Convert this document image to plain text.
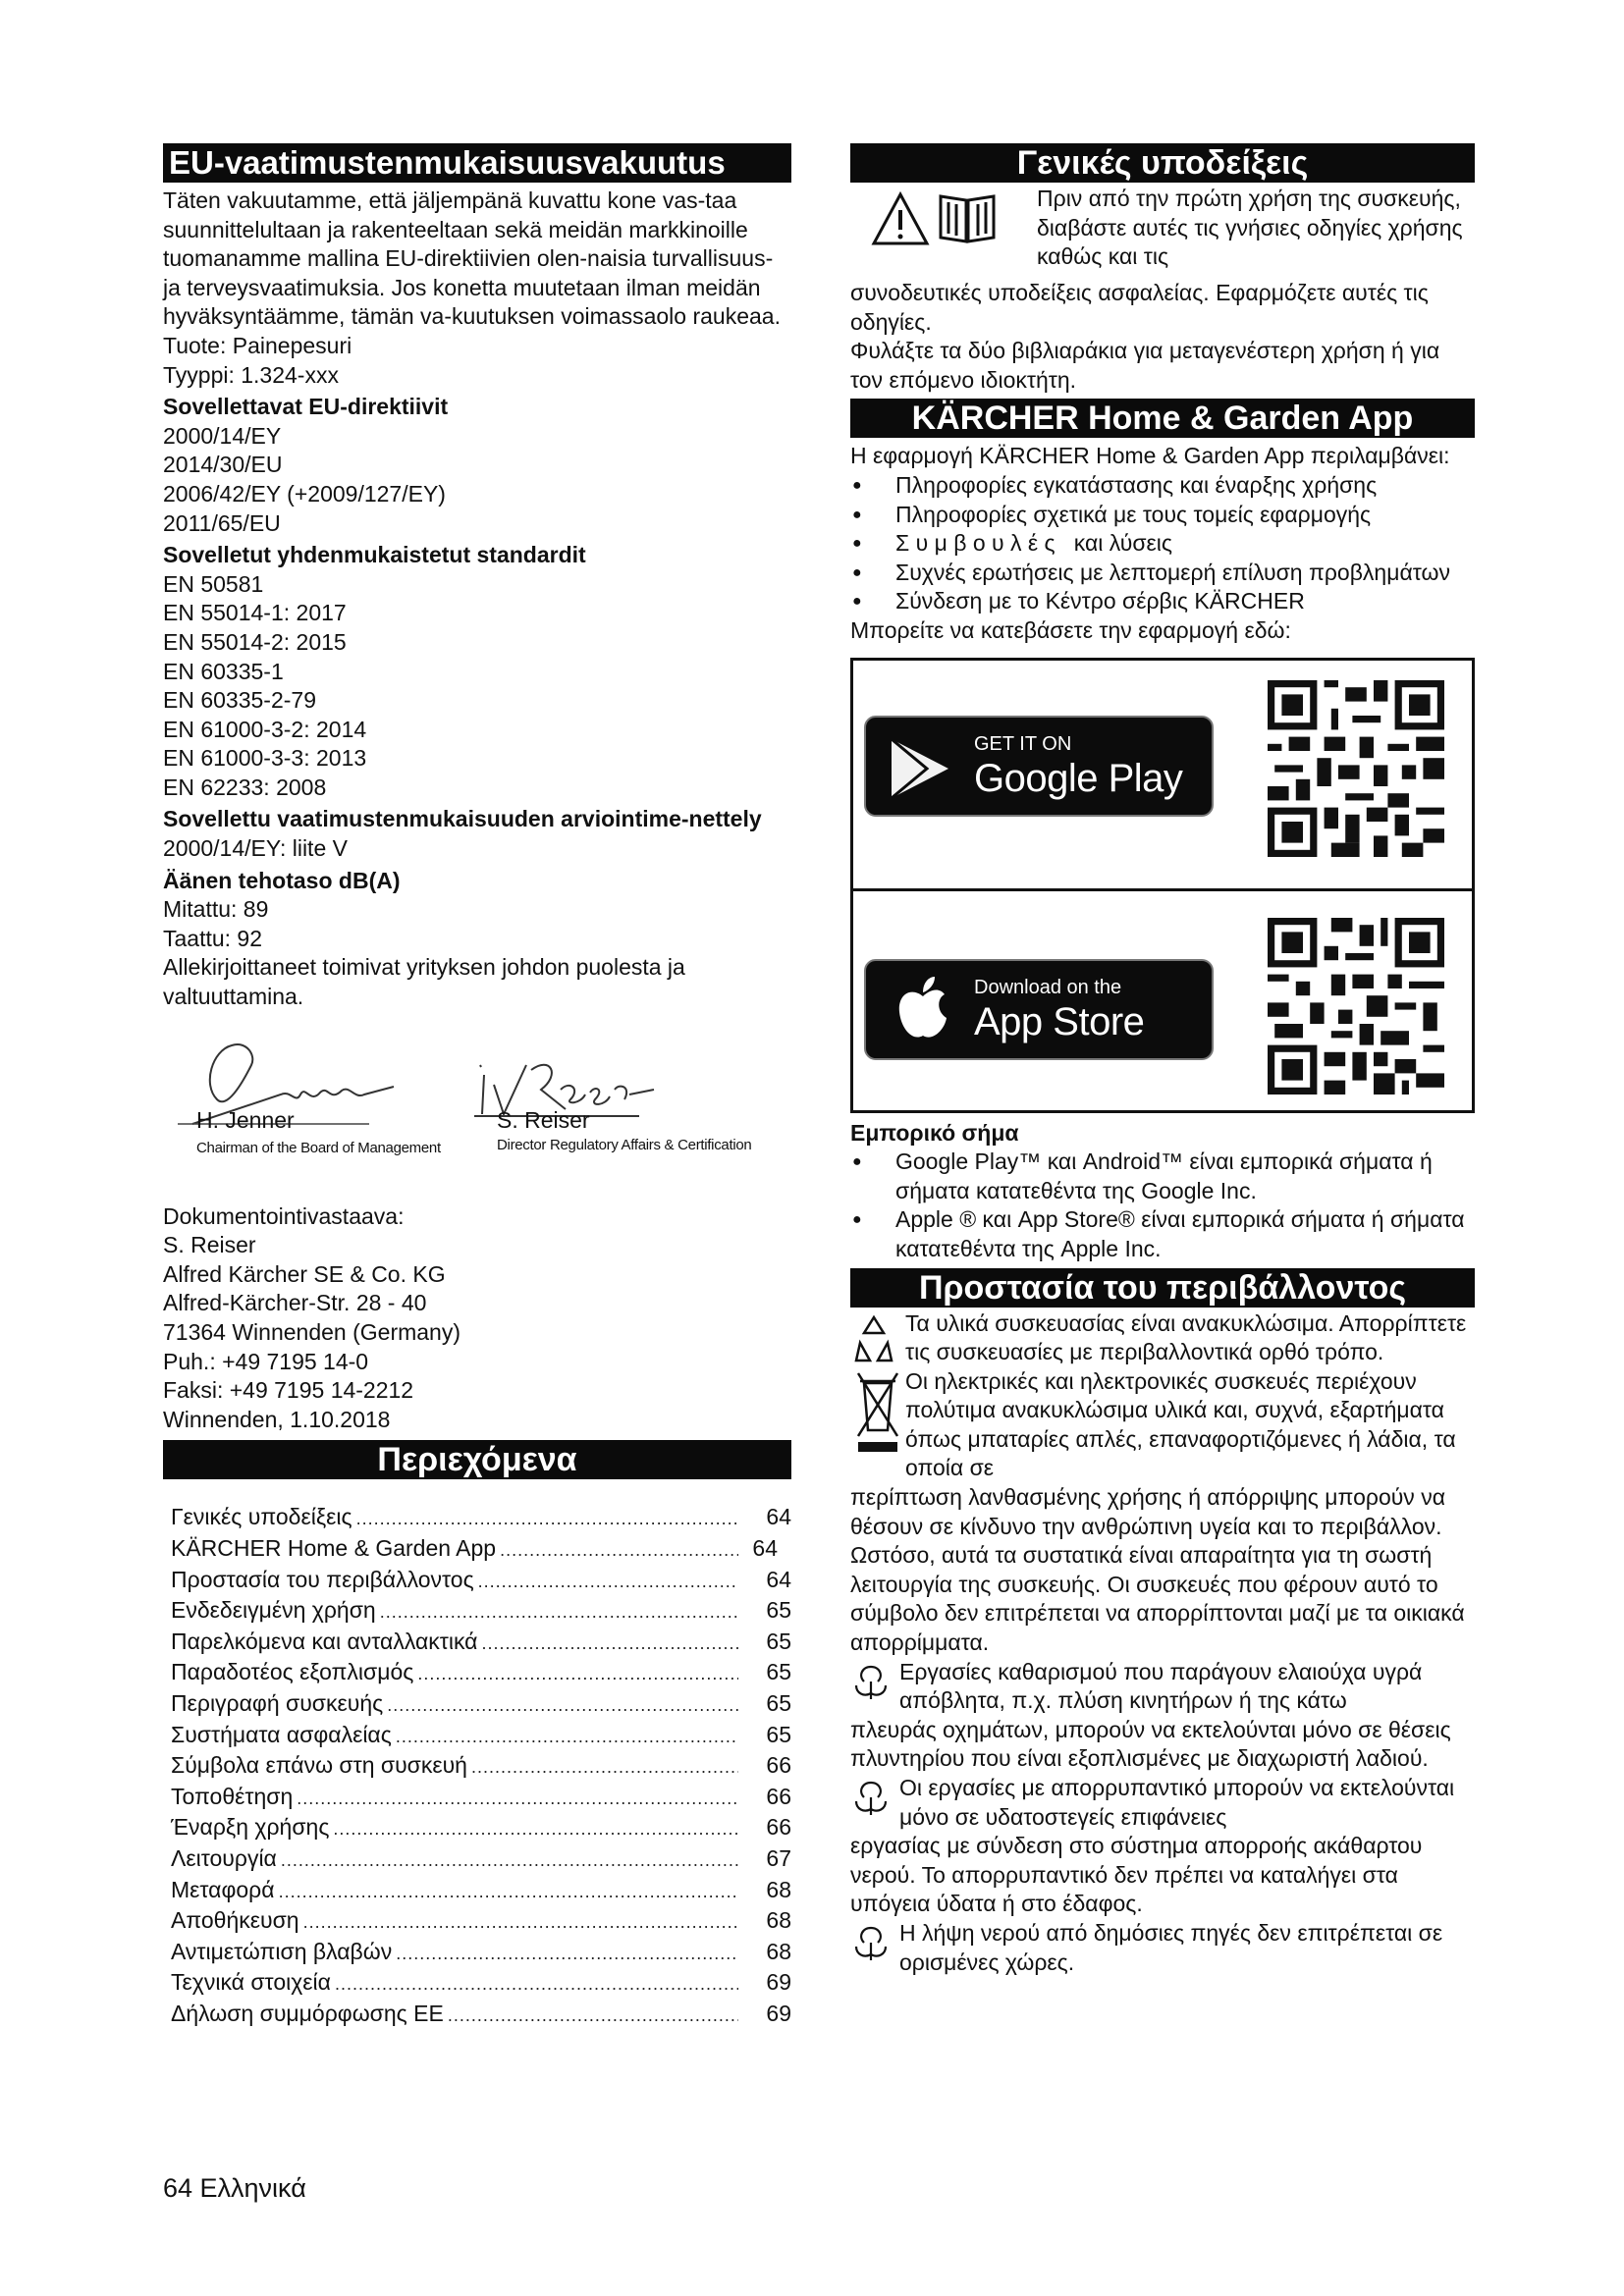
EU-vaatimustenmukaisuusvakuutus

Täten vakuutamme, että jäljempänä kuvattu kone vas-taa suunnittelultaan ja rakenteeltaan sekä meidän markkinoille tuomanamme mallina EU-direktiivien olen-naisia turvallisuus- ja terveysvaatimuksia. Jos konetta muutetaan ilman meidän hyväksyntäämme, tämän va-kuutuksen voimassaolo raukeaa.

Tuote: Painepesuri
Tyyppi: 1.324-xxx
Sovellettavat EU-direktiivit
2000/14/EY
2014/30/EU
2006/42/EY (+2009/127/EY)
2011/65/EU
Sovelletut yhdenmukaistetut standardit
EN 50581
EN 55014-1: 2017
EN 55014-2: 2015
EN 60335-1
EN 60335-2-79
EN 61000-3-2: 2014
EN 61000-3-3: 2013
EN 62233: 2008
Sovellettu vaatimustenmukaisuuden arviointime-nettely
2000/14/EY: liite V
Äänen tehotaso dB(A)
Mitattu: 89
Taattu: 92

Allekirjoittaneet toimivat yrityksen johdon puolesta ja valtuuttamina.

H. Jenner
Chairman of the Board of Management
S. Reiser
Director Regulatory Affairs & Certification
Dokumentointivastaava:
S. Reiser
Alfred Kärcher SE & Co. KG
Alfred-Kärcher-Str. 28 - 40
71364 Winnenden (Germany)
Puh.: +49 7195 14-0
Faksi: +49 7195 14-2212
Winnenden, 1.10.2018
Περιεχόμενα
Γενικές υποδείξεις .....	64
KÄRCHER Home & Garden App .....	64
Προστασία του περιβάλλοντος .....	64
Ενδεδειγμένη χρήση .....	65
Παρελκόμενα και ανταλλακτικά .....	65
Παραδοτέος εξοπλισμός .....	65
Περιγραφή συσκευής .....	65
Συστήματα ασφαλείας .....	65
Σύμβολα επάνω στη συσκευή .....	66
Τοποθέτηση .....	66
Έναρξη χρήσης .....	66
Λειτουργία .....	67
Μεταφορά .....	68
Αποθήκευση .....	68
Αντιμετώπιση βλαβών .....	68
Τεχνικά στοιχεία .....	69
Δήλωση συμμόρφωσης ΕΕ .....	69
Γενικές υποδείξεις
Πριν από την πρώτη χρήση της συσκευής, διαβάστε αυτές τις γνήσιες οδηγίες χρήσης καθώς και τις

συνοδευτικές υποδείξεις ασφαλείας. Εφαρμόζετε αυτές τις οδηγίες.

Φυλάξτε τα δύο βιβλιαράκια για μεταγενέστερη χρήση ή για τον επόμενο ιδιοκτήτη.

KÄRCHER Home & Garden App

Η εφαρμογή KÄRCHER Home & Garden App περιλαμβάνει:

● Πληροφορίες εγκατάστασης και έναρξης χρήσης
● Πληροφορίες σχετικά με τους τομείς εφαρμογής
● Σ υ μ β ο υ λ έ ς   και λύσεις
● Συχνές ερωτήσεις με λεπτομερή επίλυση προβλημάτων
● Σύνδεση με το Κέντρο σέρβις KÄRCHER

Μπορείτε να κατεβάσετε την εφαρμογή εδώ:

GET IT ON
Google Play
Download on the
App Store
Εμπορικό σήμα
● Google Play™ και Android™ είναι εμπορικά σήματα ή σήματα κατατεθέντα της Google Inc.
● Apple ® και App Store® είναι εμπορικά σήματα ή σήματα κατατεθέντα της Apple Inc.
Προστασία του περιβάλλοντος

Τα υλικά συσκευασίας είναι ανακυκλώσιμα. Απορρίπτετε τις συσκευασίες με περιβαλλοντικά ορθό τρόπο.

Οι ηλεκτρικές και ηλεκτρονικές συσκευές περιέχουν πολύτιμα ανακυκλώσιμα υλικά και, συχνά, εξαρτήματα όπως μπαταρίες απλές, επαναφορτιζόμενες ή λάδια, τα οποία σε

περίπτωση λανθασμένης χρήσης ή απόρριψης μπορούν να θέσουν σε κίνδυνο την ανθρώπινη υγεία και το περιβάλλον. Ωστόσο, αυτά τα συστατικά είναι απαραίτητα για τη σωστή λειτουργία της συσκευής. Οι συσκευές που φέρουν αυτό το σύμβολο δεν επιτρέπεται να απορρίπτονται μαζί με τα οικιακά απορρίμματα.

Εργασίες καθαρισμού που παράγουν ελαιούχα υγρά απόβλητα, π.χ. πλύση κινητήρων ή της κάτω

πλευράς οχημάτων, μπορούν να εκτελούνται μόνο σε θέσεις πλυντηρίου που είναι εξοπλισμένες με διαχωριστή λαδιού.

Οι εργασίες με απορρυπαντικό μπορούν να εκτελούνται μόνο σε υδατοστεγείς επιφάνειες

εργασίας με σύνδεση στο σύστημα απορροής ακάθαρτου νερού. Το απορρυπαντικό δεν πρέπει να καταλήγει στα υπόγεια ύδατα ή στο έδαφος.

Η λήψη νερού από δημόσιες πηγές δεν επιτρέπεται σε ορισμένες χώρες.

64 Ελληνικά
